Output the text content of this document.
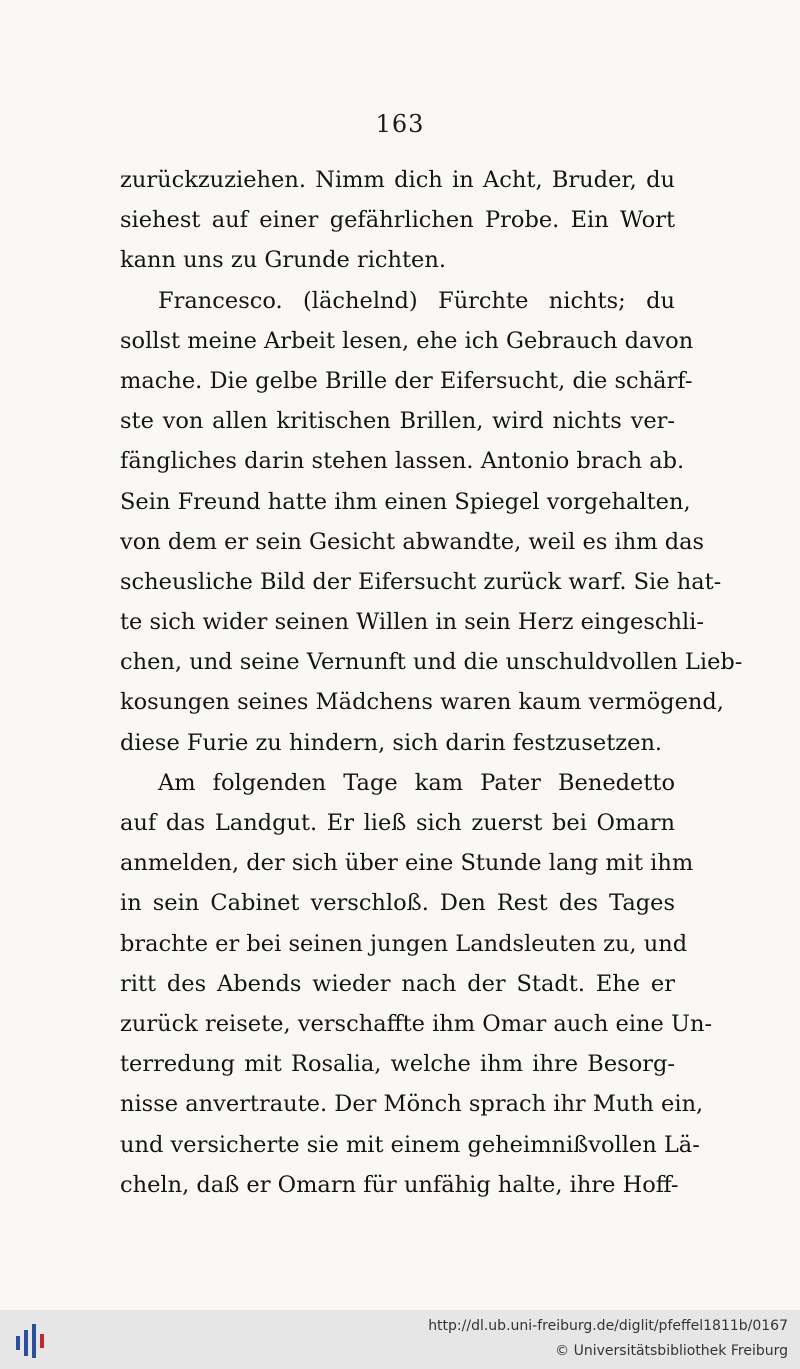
163
zurückzuziehen. Nimm dich in Acht, Bruder, du
siehest auf einer gefährlichen Probe. Ein Wort
kann uns zu Grunde richten.
Francesco. (lächelnd) Fürchte nichts; du
sollst meine Arbeit lesen, ehe ich Gebrauch davon
mache. Die gelbe Brille der Eifersucht, die schärf-
ste von allen kritischen Brillen, wird nichts ver-
fängliches darin stehen lassen. Antonio brach ab.
Sein Freund hatte ihm einen Spiegel vorgehalten,
von dem er sein Gesicht abwandte, weil es ihm das
scheusliche Bild der Eifersucht zurück warf. Sie hat-
te sich wider seinen Willen in sein Herz eingeschli-
chen, und seine Vernunft und die unschuldvollen Lieb-
kosungen seines Mädchens waren kaum vermögend,
diese Furie zu hindern, sich darin festzusetzen.
Am folgenden Tage kam Pater Benedetto
auf das Landgut. Er ließ sich zuerst bei Omarn
anmelden, der sich über eine Stunde lang mit ihm
in sein Cabinet verschloß. Den Rest des Tages
brachte er bei seinen jungen Landsleuten zu, und
ritt des Abends wieder nach der Stadt. Ehe er
zurück reisete, verschaffte ihm Omar auch eine Un-
terredung mit Rosalia, welche ihm ihre Besorg-
nisse anvertraute. Der Mönch sprach ihr Muth ein,
und versicherte sie mit einem geheimnißvollen Lä-
cheln, daß er Omarn für unfähig halte, ihre Hoff-
http://dl.ub.uni-freiburg.de/diglit/pfeffel1811b/0167
© Universitätsbibliothek Freiburg
